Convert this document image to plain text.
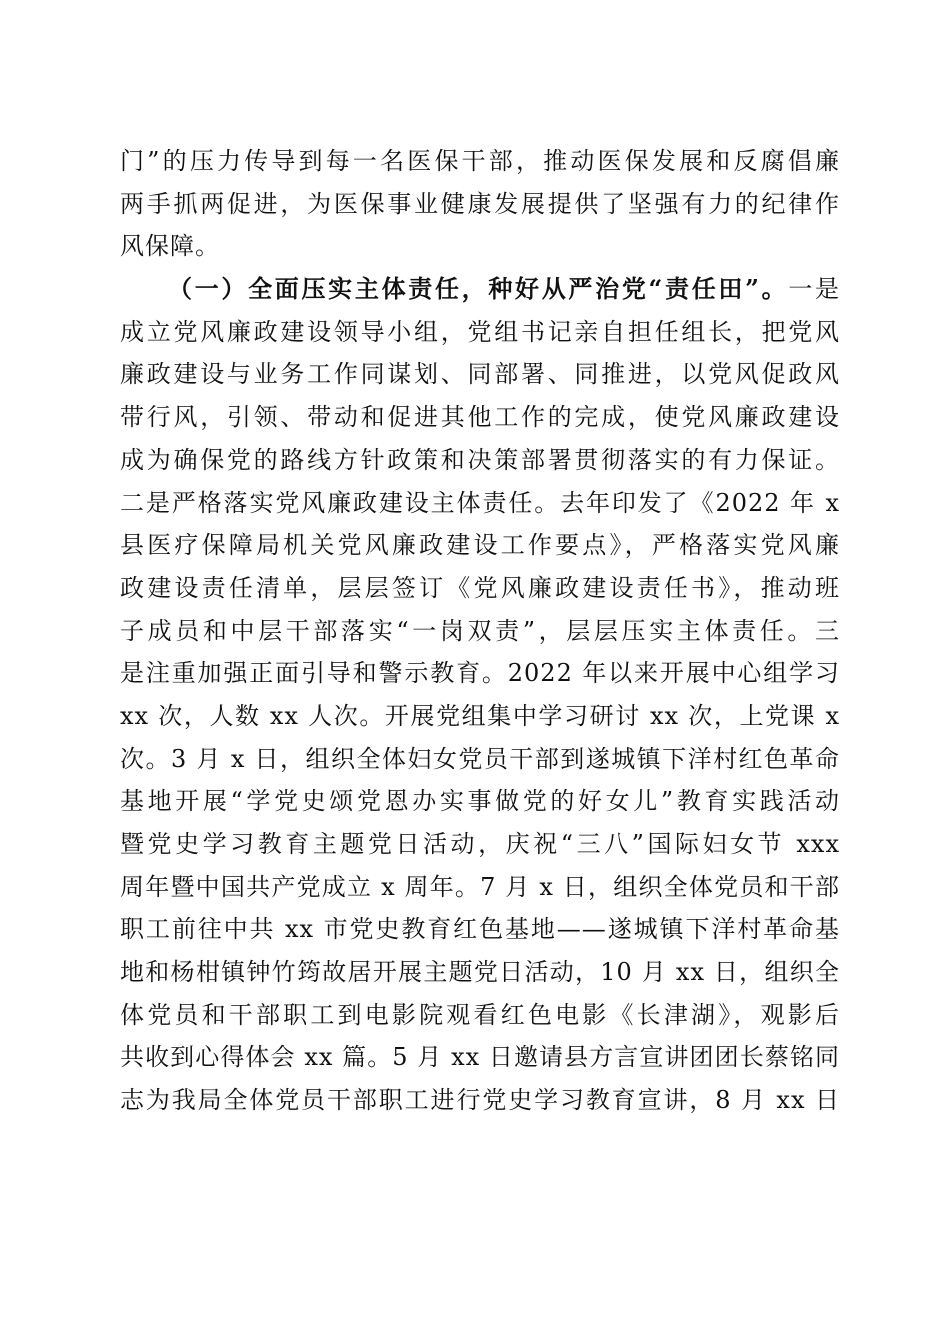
门”的压力传导到每一名医保干部，推动医保发展和反腐倡廉
两手抓两促进，为医保事业健康发展提供了坚强有力的纪律作
风保障。
（一）全面压实主体责任，种好从严治党“责任田”。一是
成立党风廉政建设领导小组，党组书记亲自担任组长，把党风
廉政建设与业务工作同谋划、同部署、同推进，以党风促政风
带行风，引领、带动和促进其他工作的完成，使党风廉政建设
成为确保党的路线方针政策和决策部署贯彻落实的有力保证。
二是严格落实党风廉政建设主体责任。去年印发了《2022 年 x
县医疗保障局机关党风廉政建设工作要点》，严格落实党风廉
政建设责任清单，层层签订《党风廉政建设责任书》，推动班
子成员和中层干部落实“一岗双责”，层层压实主体责任。三
是注重加强正面引导和警示教育。2022 年以来开展中心组学习
xx 次，人数 xx 人次。开展党组集中学习研讨 xx 次，上党课 x
次。3 月 x 日，组织全体妇女党员干部到遂城镇下洋村红色革命
基地开展“学党史颂党恩办实事做党的好女儿”教育实践活动
暨党史学习教育主题党日活动，庆祝“三八”国际妇女节 xxx
周年暨中国共产党成立 x 周年。7 月 x 日，组织全体党员和干部
职工前往中共 xx 市党史教育红色基地——遂城镇下洋村革命基
地和杨柑镇钟竹筠故居开展主题党日活动，10 月 xx 日，组织全
体党员和干部职工到电影院观看红色电影《长津湖》，观影后
共收到心得体会 xx 篇。5 月 xx 日邀请县方言宣讲团团长蔡铭同
志为我局全体党员干部职工进行党史学习教育宣讲，8 月 xx 日
